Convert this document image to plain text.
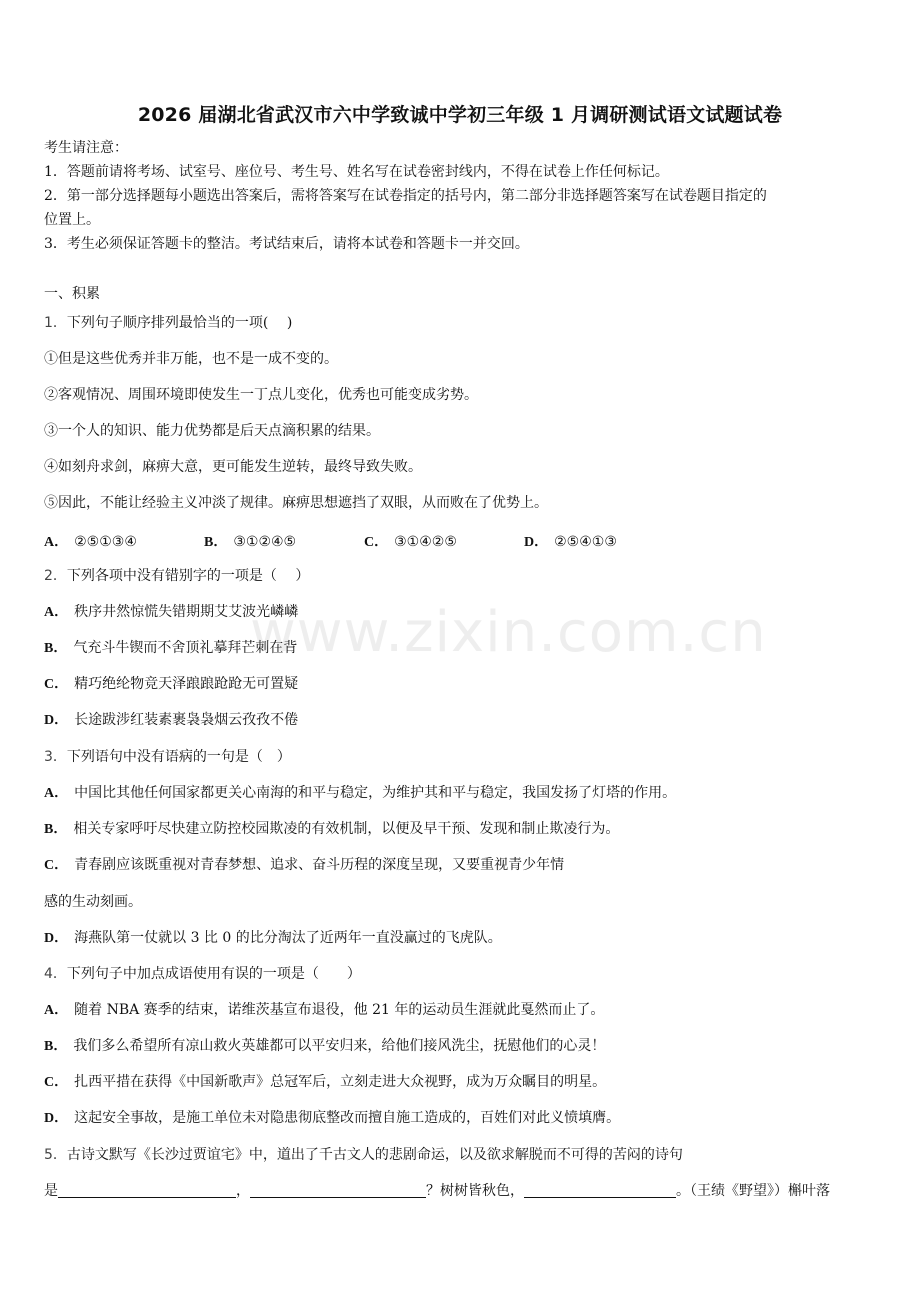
2026 届湖北省武汉市六中学致诚中学初三年级 1 月调研测试语文试题试卷
考生请注意：
1．答题前请将考场、试室号、座位号、考生号、姓名写在试卷密封线内，不得在试卷上作任何标记。
2．第一部分选择题每小题选出答案后，需将答案写在试卷指定的括号内，第二部分非选择题答案写在试卷题目指定的
位置上。
3．考生必须保证答题卡的整洁。考试结束后，请将本试卷和答题卡一并交回。
一、积累
1．下列句子顺序排列最恰当的一项(　 )
①但是这些优秀并非万能，也不是一成不变的。
②客观情况、周围环境即使发生一丁点儿变化，优秀也可能变成劣势。
③一个人的知识、能力优势都是后天点滴积累的结果。
④如刻舟求剑，麻痹大意，更可能发生逆转，最终导致失败。
⑤因此，不能让经验主义冲淡了规律。麻痹思想遮挡了双眼，从而败在了优势上。
A． ②⑤①③④	B． ③①②④⑤	C． ③①④②⑤	D． ②⑤④①③
2．下列各项中没有错别字的一项是（　 ）
A． 秩序井然惊慌失错期期艾艾波光嶙嶙
B． 气充斗牛锲而不舍顶礼摹拜芒刺在背
C． 精巧绝纶物竞天泽踉踉跄跄无可置疑
D． 长途跋涉红装素裹袅袅烟云孜孜不倦
3．下列语句中没有语病的一句是（　）
A． 中国比其他任何国家都更关心南海的和平与稳定，为维护其和平与稳定，我国发扬了灯塔的作用。
B． 相关专家呼吁尽快建立防控校园欺凌的有效机制，以便及早干预、发现和制止欺凌行为。
C． 青春剧应该既重视对青春梦想、追求、奋斗历程的深度呈现，又要重视青少年情
感的生动刻画。
D． 海燕队第一仗就以 3 比 0 的比分淘汰了近两年一直没赢过的飞虎队。
4．下列句子中加点成语使用有误的一项是（　　）
A． 随着 NBA 赛季的结束，诺维茨基宣布退役，他 21 年的运动员生涯就此戛然而止了。
B． 我们多么希望所有凉山救火英雄都可以平安归来，给他们接风洗尘，抚慰他们的心灵！
C． 扎西平措在获得《中国新歌声》总冠军后，立刻走进大众视野，成为万众瞩目的明星。
D． 这起安全事故，是施工单位未对隐患彻底整改而擅自施工造成的，百姓们对此义愤填膺。
5．古诗文默写《长沙过贾谊宅》中，道出了千古文人的悲剧命运，以及欲求解脱而不可得的苦闷的诗句
是	，	？树树皆秋色，	。（王绩《野望》）槲叶落
www.zixin.com.cn
